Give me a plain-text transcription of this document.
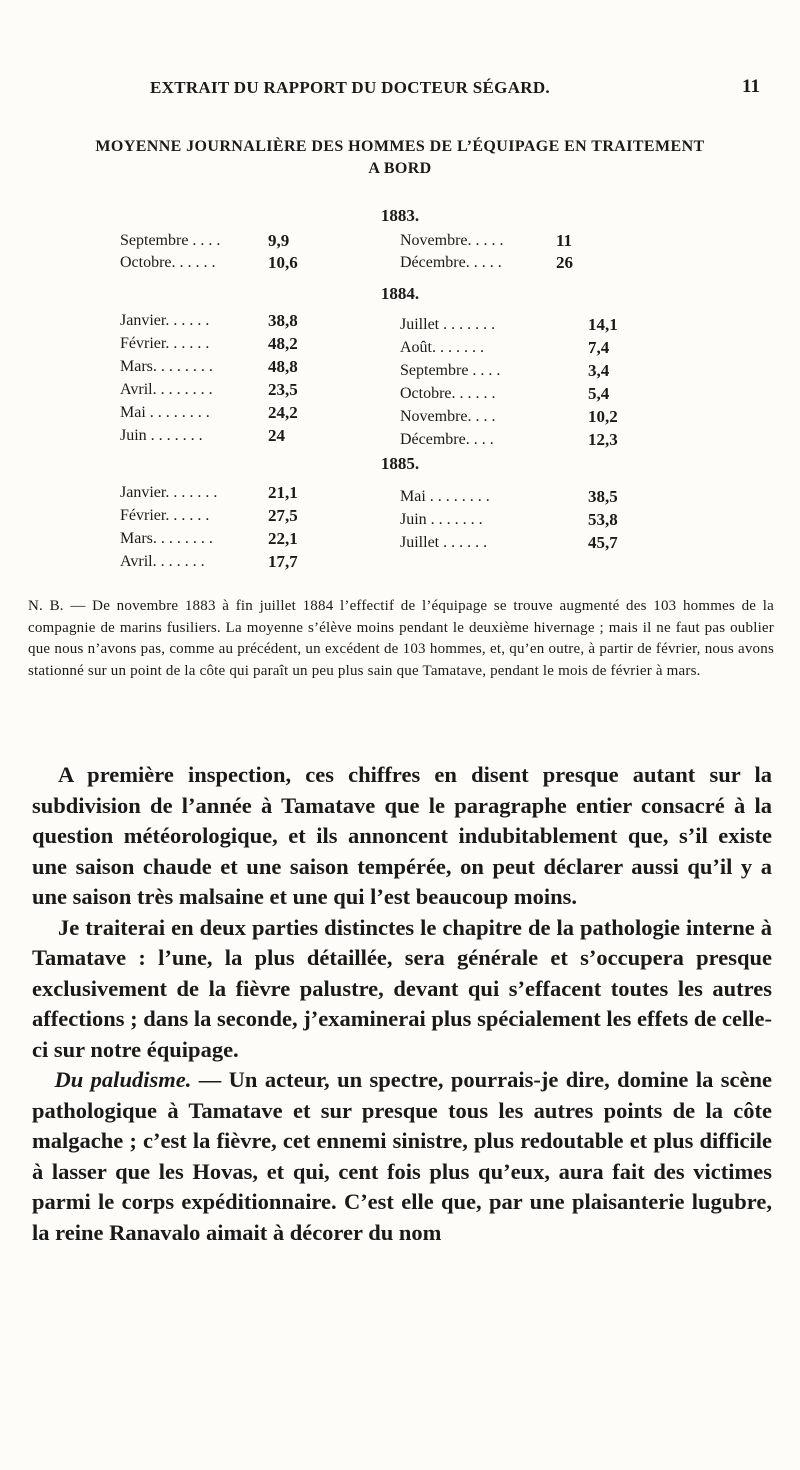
EXTRAIT DU RAPPORT DU DOCTEUR SÉGARD.	11
MOYENNE JOURNALIÈRE DES HOMMES DE L’ÉQUIPAGE EN TRAITEMENT
A BORD
1883.
Septembre . . . .	9,9
Octobre. . . . . .	10,6
Novembre. . . . .	11
Décembre. . . . .	26
1884.
Janvier. . . . . .	38,8
Février. . . . . .	48,2
Mars. . . . . . . .	48,8
Avril. . . . . . . .	23,5
Mai . . . . . . . .	24,2
Juin . . . . . . .	24
Juillet . . . . . . .	14,1
Août. . . . . . .	7,4
Septembre . . . .	3,4
Octobre. . . . . .	5,4
Novembre. . . .	10,2
Décembre. . . .	12,3
1885.
Janvier. . . . . . .	21,1
Février. . . . . .	27,5
Mars. . . . . . . .	22,1
Avril. . . . . . .	17,7
Mai . . . . . . . .	38,5
Juin . . . . . . .	53,8
Juillet . . . . . .	45,7
N. B. — De novembre 1883 à fin juillet 1884 l’effectif de l’équipage se trouve augmenté des 103 hommes de la compagnie de marins fusiliers. La moyenne s’élève moins pendant le deuxième hivernage ; mais il ne faut pas oublier que nous n’avons pas, comme au précédent, un excédent de 103 hommes, et, qu’en outre, à partir de février, nous avons stationné sur un point de la côte qui paraît un peu plus sain que Tamatave, pendant le mois de février à mars.

A première inspection, ces chiffres en disent presque autant sur la subdivision de l’année à Tamatave que le paragraphe entier consacré à la question météorologique, et ils annoncent indubitablement que, s’il existe une saison chaude et une saison tempérée, on peut déclarer aussi qu’il y a une saison très malsaine et une qui l’est beaucoup moins.

Je traiterai en deux parties distinctes le chapitre de la pathologie interne à Tamatave : l’une, la plus détaillée, sera générale et s’occupera presque exclusivement de la fièvre palustre, devant qui s’effacent toutes les autres affections ; dans la seconde, j’examinerai plus spécialement les effets de celle-ci sur notre équipage.

  Du paludisme. — Un acteur, un spectre, pourrais-je dire, domine la scène pathologique à Tamatave et sur presque tous les autres points de la côte malgache ; c’est la fièvre, cet ennemi sinistre, plus redoutable et plus difficile à lasser que les Hovas, et qui, cent fois plus qu’eux, aura fait des victimes parmi le corps expéditionnaire. C’est elle que, par une plaisanterie lugubre, la reine Ranavalo aimait à décorer du nom
